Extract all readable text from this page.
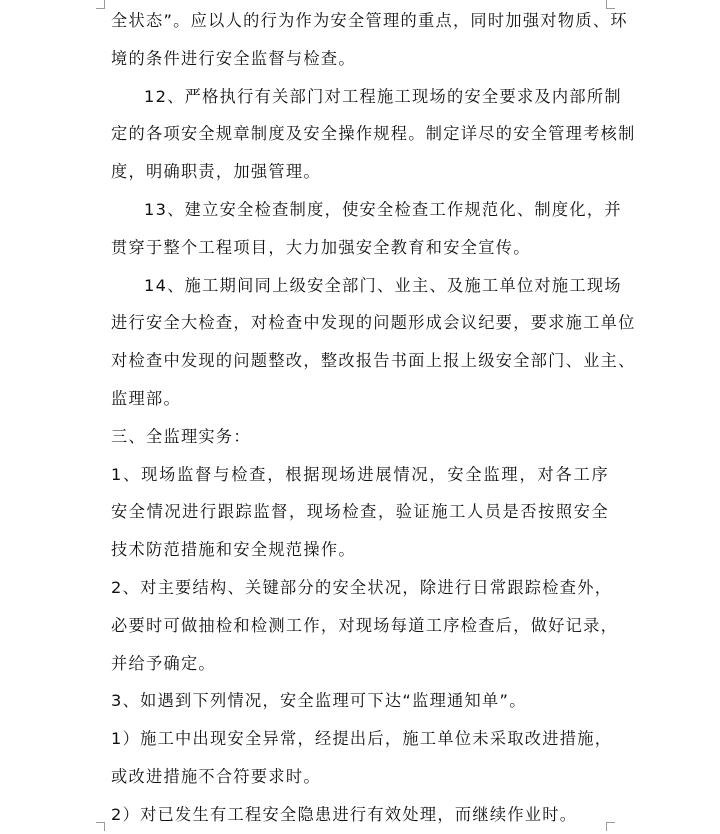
全状态”。应以人的行为作为安全管理的重点，同时加强对物质、环
境的条件进行安全监督与检查。
12、严格执行有关部门对工程施工现场的安全要求及内部所制
定的各项安全规章制度及安全操作规程。制定详尽的安全管理考核制
度，明确职责，加强管理。
13、建立安全检查制度，使安全检查工作规范化、制度化，并
贯穿于整个工程项目，大力加强安全教育和安全宣传。
14、施工期间同上级安全部门、业主、及施工单位对施工现场
进行安全大检查，对检查中发现的问题形成会议纪要，要求施工单位
对检查中发现的问题整改，整改报告书面上报上级安全部门、业主、
监理部。
三、全监理实务：
1、现场监督与检查，根据现场进展情况，安全监理，对各工序
安全情况进行跟踪监督，现场检查，验证施工人员是否按照安全
技术防范措施和安全规范操作。
2、对主要结构、关键部分的安全状况，除进行日常跟踪检查外，
必要时可做抽检和检测工作，对现场每道工序检查后，做好记录，
并给予确定。
3、如遇到下列情况，安全监理可下达“监理通知单”。
1）施工中出现安全异常，经提出后，施工单位未采取改进措施，
或改进措施不合符要求时。
2）对已发生有工程安全隐患进行有效处理，而继续作业时。
